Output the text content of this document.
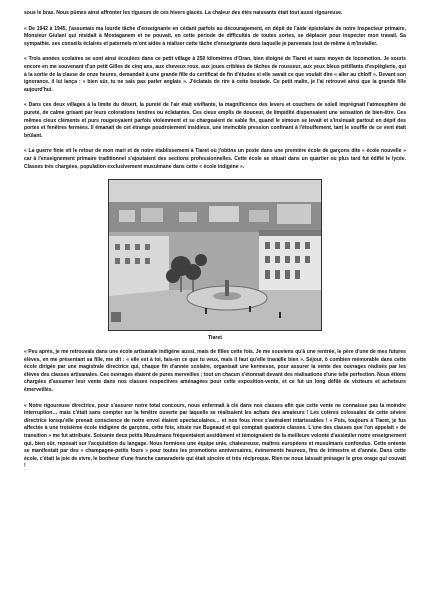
sous le bras. Nous pûmes ainsi affronter les rigueurs de ces hivers glacés. La chaleur des étés naissants était tout aussi rigoureuse.

« De 1942 à 1945, j'assumais ma lourde tâche d'enseignante en cédant parfois au découragement, en dépit de l'aide épistolaire de notre Inspecteur primaire, Monsieur Giulani qui résidait à Mostaganem et ne pouvait, en cette période de difficultés de toutes sortes, se déplacer pour inspecter mon travail. Sa sympathie, ses conseils éclairés et paternels m'ont aidée à réaliser cette tâche d'enseignante dans laquelle je parvenais tout de même à m'installer.

« Trois années scolaires se sont ainsi écoulées dans ce petit village à 250 kilomètres d'Oran, bien éloigné de Tiaret et sans moyen de locomotion. Je souris encore en me souvenant d'un petit Gilles de cinq ans, aux cheveux roux, aux joues criblées de tâches de rousseur, aux yeux bleus pétillants d'espièglerie, qui à la sortie de la classe de onze heures, demandait à une grande fille du certificat de fin d'études si elle savait ce que voulait dire « aller au chloff ». Devant son ignorance, il lui lança : « bien sûr, tu ne sais pas parler anglais ». J'éclatais de rire à cette boutade. Ce petit malin, je l'ai retrouvé ainsi que la grande fille aujourd'hui.

« Dans ces deux villages à la limite du désert, la pureté de l'air était vivifiante, la magnificence des levers et couchers de soleil imprégnait l'atmosphère de pureté, de calme grisant par leurs colorations tendres ou éclatantes. Ces cieux emplis de douceur, de limpidité dispensaient une sensation de bien-être. Ces mêmes cieux cléments et purs rougeoyaient parfois violemment et se chargeaient de sable fin, quand le simoun se levait et s'insinuait partout en dépit des portes et fenêtres fermées. Il émanait de cet étrange poudroiement insidieux, une invincible pression confinant à l'étouffement, tant le souffle de ce vent était brûlant.

« La guerre finie vit le retour de mon mari et de notre établissement à Tiaret où j'obtins un poste dans une première école de garçons dite « école nouvelle » car à l'enseignement primaire traditionnel s'ajoutaient des sections professionnelles. Cette école se situait dans un quartier où plus tard fut édifié le lycée. Classes très chargées, population exclusivement musulmane dans cette « école indigène ».

Tiaret

« Peu après, je me retrouvais dans une école artisanale indigène aussi, mais de filles cette fois. Je me souviens qu'à une rentrée, le père d'une de mes futures élèves, en me présentant sa fille, me dit : « elle est à toi, fais-en ce que tu veux, mais il faut qu'elle travaille bien ». Séjour, ô combien mémorable dans cette école dirigée par une magistrale directrice qui, chaque fin d'année scolaire, organisait une kermesse, pour assurer la vente des ouvrages réalisés par les élèves des classes artisanales. Ces ouvrages étaient de pures merveilles ; tout un chacun s'étonnait devant des réalisations d'une telle perfection. Nous étions chargées d'assumer leur vente dans nos classes respectives aménagées pour cette exposition-vente, et ce fut un long défilé de visiteurs et acheteurs émerveillés.

« Notre rigoureuse directrice, pour s'assurer notre total concours, nous enfermait à clé dans nos classes afin que cette vente ne connaisse pas la moindre interruption… mais c'était sans compter sur la fenêtre ouverte par laquelle se réalisaient les achats des amateurs ! Les colères colossales de cette sévère directrice lorsqu'elle prenait conscience de notre envol étaient spectaculaires… et nos fous rires s'avéraient intarissables ! « Puis, toujours à Tiaret, je fus affectée à une troisième école indigène de garçons, cette fois, située rue Bugeaud et qui comptait quatorze classes. L'une des classes que l'on appelait « de transition » me fut attribuée. Soixante deux petits Musulmans fréquentaient assidûment et témoignaient de la meilleure volonté d'assimiler notre enseignement qui, bien sûr, reposait sur l'acquisition du langage. Nous formions une équipe unie, chaleureuse, maîtres européens et musulmans confondus. Cette entente se manifestait par des « champagne-petits fours » pour toutes les promotions anniversaires, événements heureux, fins de trimestre et d'année. Dans cette école, c'était la joie de vivre, le bonheur d'une franche camaraderie qui était sincère et très réciproque. Rien ne nous laissait présager le gros orage qui couvait !
